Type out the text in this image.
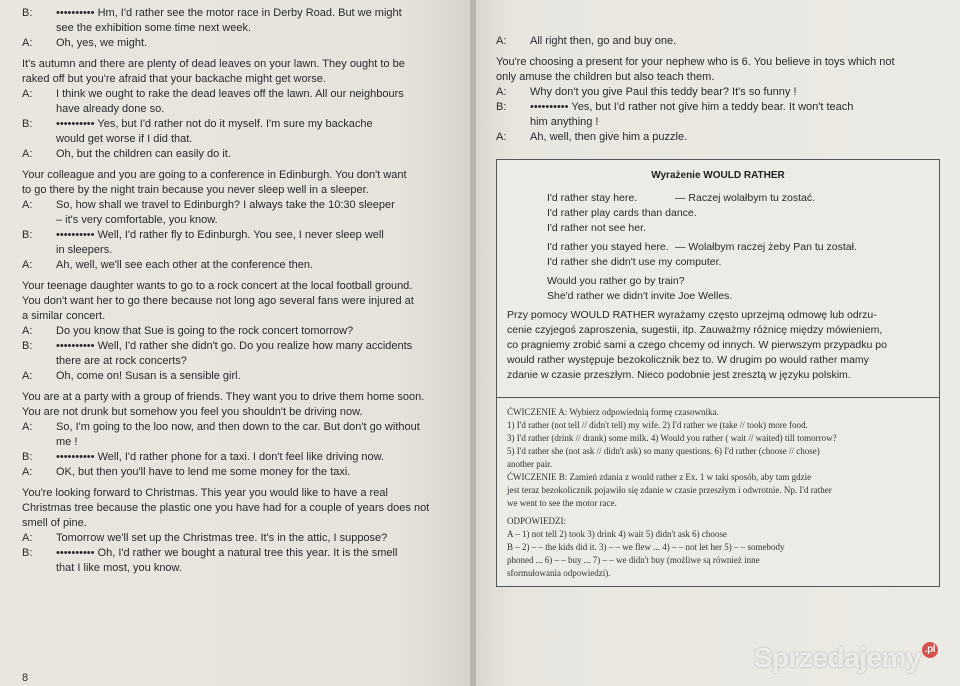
B:	•••••••••• Hm, I'd rather see the motor race in Derby Road. But we might
see the exhibition some time next week.
A:	Oh, yes, we might.
It's autumn and there are plenty of dead leaves on your lawn. They ought to be
raked off but you're afraid that your backache might get worse.
A:	I think we ought to rake the dead leaves off the lawn. All our neighbours
have already done so.
B:	•••••••••• Yes, but I'd rather not do it myself. I'm sure my backache
would get worse if I did that.
A:	Oh, but the children can easily do it.
Your colleague and you are going to a conference in Edinburgh. You don't want
to go there by the night train because you never sleep well in a sleeper.
A:	So, how shall we travel to Edinburgh? I always take the 10:30 sleeper
– it's very comfortable, you know.
B:	•••••••••• Well, I'd rather fly to Edinburgh. You see, I never sleep well
in sleepers.
A:	Ah, well, we'll see each other at the conference then.
Your teenage daughter wants to go to a rock concert at the local football ground.
You don't want her to go there because not long ago several fans were injured at
a similar concert.
A:	Do you know that Sue is going to the rock concert tomorrow?
B:	•••••••••• Well, I'd rather she didn't go. Do you realize how many accidents
there are at rock concerts?
A:	Oh, come on! Susan is a sensible girl.
You are at a party with a group of friends. They want you to drive them home soon.
You are not drunk but somehow you feel you shouldn't be driving now.
A:	So, I'm going to the loo now, and then down to the car. But don't go without
me !
B:	•••••••••• Well, I'd rather phone for a taxi. I don't feel like driving now.
A:	OK, but then you'll have to lend me some money for the taxi.
You're looking forward to Christmas. This year you would like to have a real
Christmas tree because the plastic one you have had for a couple of years does not
smell of pine.
A:	Tomorrow we'll set up the Christmas tree. It's in the attic, I suppose?
B:	•••••••••• Oh, I'd rather we bought a natural tree this year. It is the smell
that I like most, you know.
A:	All right then, go and buy one.
You're choosing a present for your nephew who is 6. You believe in toys which not
only amuse the children but also teach them.
A:	Why don't you give Paul this teddy bear? It's so funny !
B:	•••••••••• Yes, but I'd rather not give him a teddy bear. It won't teach
him anything !
A:	Ah, well, then give him a puzzle.
Wyrażenie WOULD RATHER
I'd rather stay here.	— Raczej wolałbym tu zostać.
I'd rather play cards than dance.
I'd rather not see her.
I'd rather you stayed here. — Wolałbym raczej żeby Pan tu został.
I'd rather she didn't use my computer.
Would you rather go by train?
She'd rather we didn't invite Joe Welles.
Przy pomocy WOULD RATHER wyrażamy często uprzejmą odmowę lub odrzu-
cenie czyjegoś zaproszenia, sugestii, itp. Zauważmy różnicę między mówieniem,
co pragniemy zrobić sami a czego chcemy od innych. W pierwszym przypadku po
would rather występuje bezokolicznik bez to. W drugim po would rather mamy
zdanie w czasie przeszłym. Nieco podobnie jest zresztą w języku polskim.
ĆWICZENIE A: Wybierz odpowiednią formę czasownika.
1) I'd rather (not tell // didn't tell) my wife. 2) I'd rather we (take // took) more food.
3) I'd rather (drink // drank) some milk. 4) Would you rather ( wait // waited) till tomorrow?
5) I'd rather she (not ask // didn't ask) so many questions. 6) I'd rather (choose // chose)
another pair.
ĆWICZENIE B: Zamień zdania z would rather z Ex. 1 w taki sposób, aby tam gdzie
jest teraz bezokolicznik pojawiło się zdanie w czasie przeszłym i odwrotnie. Np. I'd rather
we went to see the motor race.
ODPOWIEDZI:
A – 1) not tell 2) took 3) drink 4) wait 5) didn't ask 6) choose
B – 2) – – the kids did it. 3) – – we flew ... 4) – – not let her 5) – – somebody
phoned ... 6) – – buy ... 7) – – we didn't buy (możliwe są również inne
sformułowania odpowiedzi).
8
Sprzedajemy .pl
